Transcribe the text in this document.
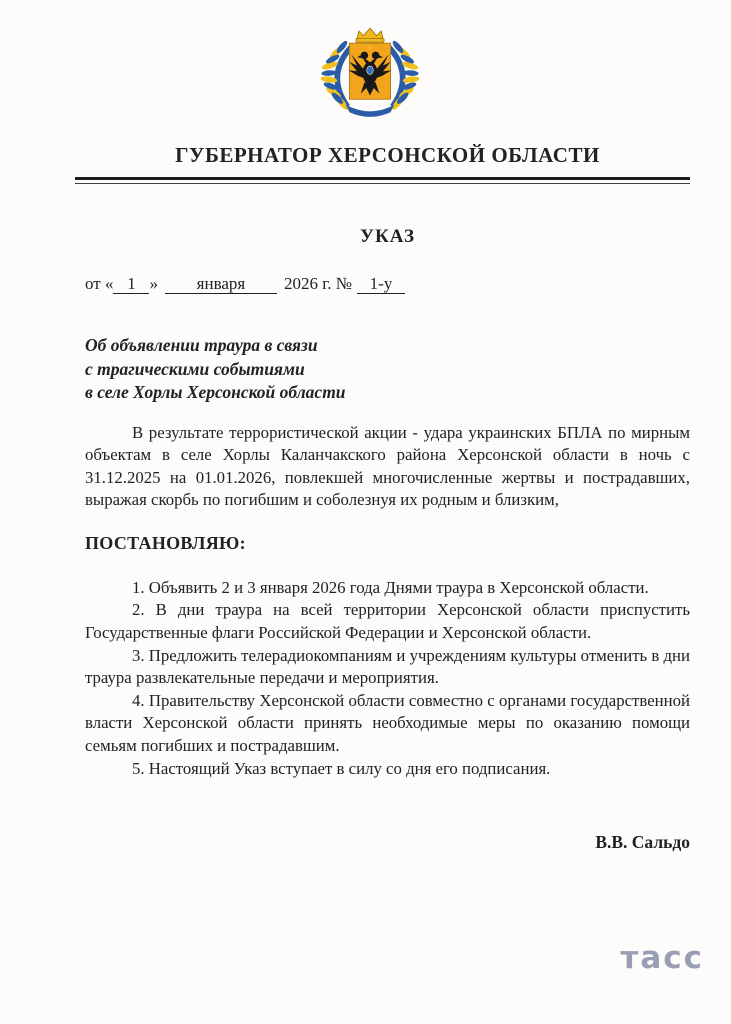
ГУБЕРНАТОР ХЕРСОНСКОЙ ОБЛАСТИ
УКАЗ
от « 1 » января 2026 г. № 1-у
Об объявлении траура в связи
с трагическими событиями
в селе Хорлы Херсонской области

В результате террористической акции - удара украинских БПЛА по мирным объектам в селе Хорлы Каланчакского района Херсонской области в ночь с 31.12.2025 на 01.01.2026, повлекшей многочисленные жертвы и пострадавших, выражая скорбь по погибшим и соболезнуя их родным и близким,

ПОСТАНОВЛЯЮ:

1. Объявить 2 и 3 января 2026 года Днями траура в Херсонской области.

2. В дни траура на всей территории Херсонской области приспустить Государственные флаги Российской Федерации и Херсонской области.

3. Предложить телерадиокомпаниям и учреждениям культуры отменить в дни траура развлекательные передачи и мероприятия.

4. Правительству Херсонской области совместно с органами государственной власти Херсонской области принять необходимые меры по оказанию помощи семьям погибших и пострадавшим.

5. Настоящий Указ вступает в силу со дня его подписания.

В.В. Сальдо
тасс
